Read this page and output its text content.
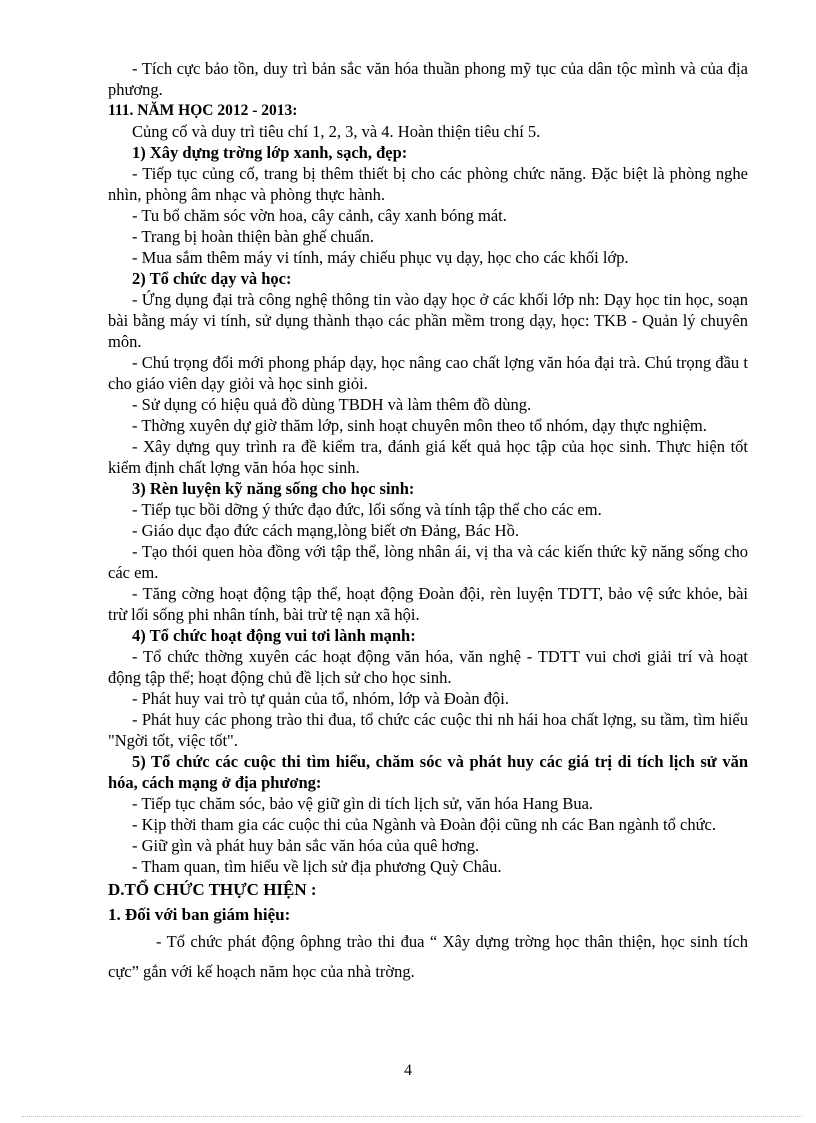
- Tích cực bảo tồn, duy trì bản sắc văn hóa thuần phong mỹ tục của dân tộc mình và của địa phương.

111. NĂM HỌC 2012 - 2013:

Củng cố và duy trì tiêu chí 1, 2, 3, và 4. Hoàn thiện tiêu chí 5.

1) Xây dựng trờng lớp xanh, sạch, đẹp:

- Tiếp tục củng cố, trang bị thêm thiết bị cho các phòng chức năng. Đặc biệt là phòng nghe nhìn, phòng âm nhạc và phòng thực hành.

- Tu bổ chăm sóc vờn hoa, cây cảnh, cây xanh bóng mát.

- Trang bị hoàn thiện bàn ghế chuẩn.

- Mua sắm thêm máy vi tính, máy chiếu phục vụ dạy, học cho các khối lớp.

2) Tổ chức dạy và học:

- Ứng dụng đại trà công nghệ thông tin vào dạy học ở các khối lớp nh: Dạy học tin học, soạn bài bằng máy vi tính, sử dụng thành thạo các phần mềm trong dạy, học: TKB - Quản lý chuyên môn.

- Chú trọng đổi mới phong pháp dạy, học nâng cao chất lợng văn hóa đại trà. Chú trọng đầu t cho giáo viên dạy giỏi và học sinh giỏi.

- Sử dụng có hiệu quả đồ dùng TBDH và làm thêm đồ dùng.

- Thờng xuyên dự giờ thăm lớp, sinh hoạt chuyên môn theo tổ nhóm, dạy thực nghiệm.

- Xây dựng quy trình ra đề kiểm tra, đánh giá kết quả học tập của học sinh. Thực hiện tốt kiểm định chất lợng văn hóa học sinh.

3) Rèn luyện kỹ năng sống cho học sinh:

- Tiếp tục bồi dỡng ý thức đạo đức, lối sống và tính tập thể cho các em.

- Giáo dục đạo đức cách mạng,lòng biết ơn Đảng, Bác Hồ.

- Tạo thói quen hòa đồng với tập thể, lòng nhân ái, vị tha và các kiến thức kỹ năng sống cho các em.

- Tăng cờng hoạt động tập thể, hoạt động Đoàn đội, rèn luyện TDTT, bảo vệ sức khỏe, bài trừ lối sống phi nhân tính, bài trừ tệ nạn xã hội.

4) Tổ chức hoạt động vui tơi lành mạnh:

- Tổ chức thờng xuyên các hoạt động văn hóa, văn nghệ - TDTT vui chơi giải trí và hoạt động tập thể; hoạt động chủ đề lịch sử cho học sinh.

- Phát huy vai trò tự quản của tổ, nhóm, lớp và Đoàn đội.

- Phát huy các phong trào thi đua, tổ chức các cuộc thi nh hái hoa chất lợng, su tầm, tìm hiểu "Ngời tốt, việc tốt".

5) Tổ chức các cuộc thi tìm hiểu, chăm sóc và phát huy các giá trị di tích lịch sử văn hóa, cách mạng ở địa phương:

- Tiếp tục chăm sóc, bảo vệ giữ gìn di tích lịch sử, văn hóa Hang Bua.

- Kịp thời tham gia các cuộc thi của Ngành và Đoàn đội cũng nh các Ban ngành tổ chức.

- Giữ gìn và phát huy bản sắc văn hóa của quê hơng.

- Tham quan, tìm hiểu về lịch sử địa phương Quỳ Châu.

D.TỔ CHỨC THỰC HIỆN :

1. Đối với ban giám hiệu:

- Tổ chức phát động ôphng trào thi đua “ Xây dựng trờng học thân thiện, học sinh tích cực” gắn với kế hoạch năm học của nhà trờng.

4
